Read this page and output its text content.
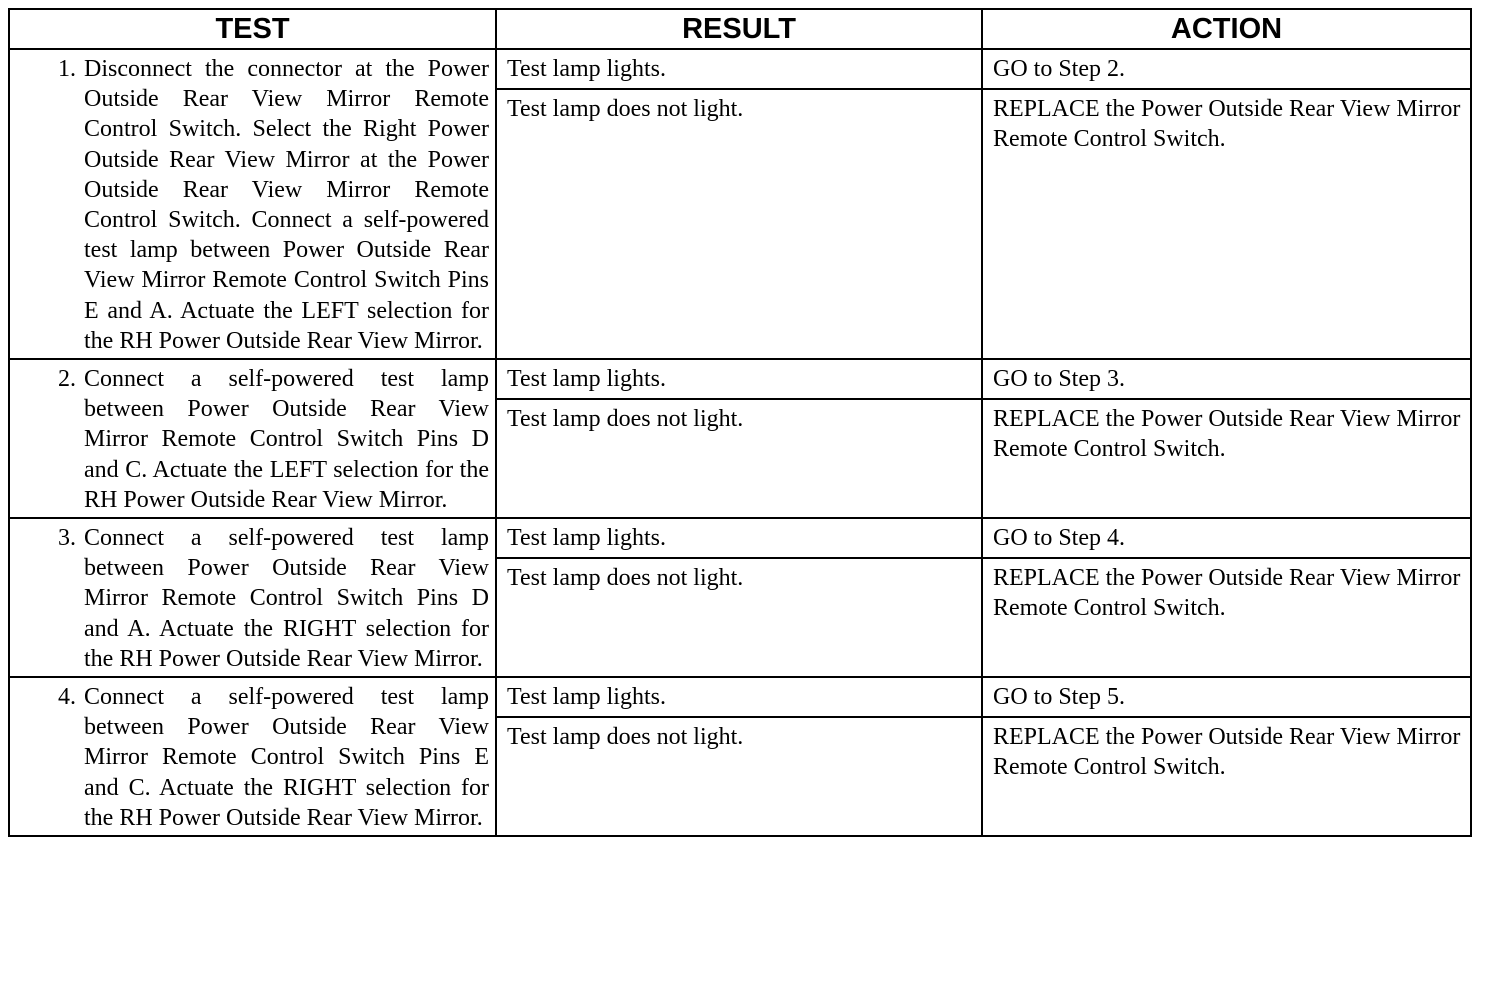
TEST	RESULT	ACTION

1. Disconnect the connector at the Power Outside Rear View Mirror Remote Control Switch. Select the Right Power Outside Rear View Mirror at the Power Outside Rear View Mirror Remote Control Switch. Connect a self-powered test lamp between Power Outside Rear View Mirror Remote Control Switch Pins E and A. Actuate the LEFT selection for the RH Power Outside Rear View Mirror.	Test lamp lights.	GO to Step 2.

	Test lamp does not light.	REPLACE the Power Outside Rear View Mirror Remote Control Switch.

2. Connect a self-powered test lamp between Power Outside Rear View Mirror Remote Control Switch Pins D and C. Actuate the LEFT selection for the RH Power Outside Rear View Mirror.	Test lamp lights.	GO to Step 3.

	Test lamp does not light.	REPLACE the Power Outside Rear View Mirror Remote Control Switch.

3. Connect a self-powered test lamp between Power Outside Rear View Mirror Remote Control Switch Pins D and A. Actuate the RIGHT selection for the RH Power Outside Rear View Mirror.	Test lamp lights.	GO to Step 4.

	Test lamp does not light.	REPLACE the Power Outside Rear View Mirror Remote Control Switch.

4. Connect a self-powered test lamp between Power Outside Rear View Mirror Remote Control Switch Pins E and C. Actuate the RIGHT selection for the RH Power Outside Rear View Mirror.	Test lamp lights.	GO to Step 5.

	Test lamp does not light.	REPLACE the Power Outside Rear View Mirror Remote Control Switch.
